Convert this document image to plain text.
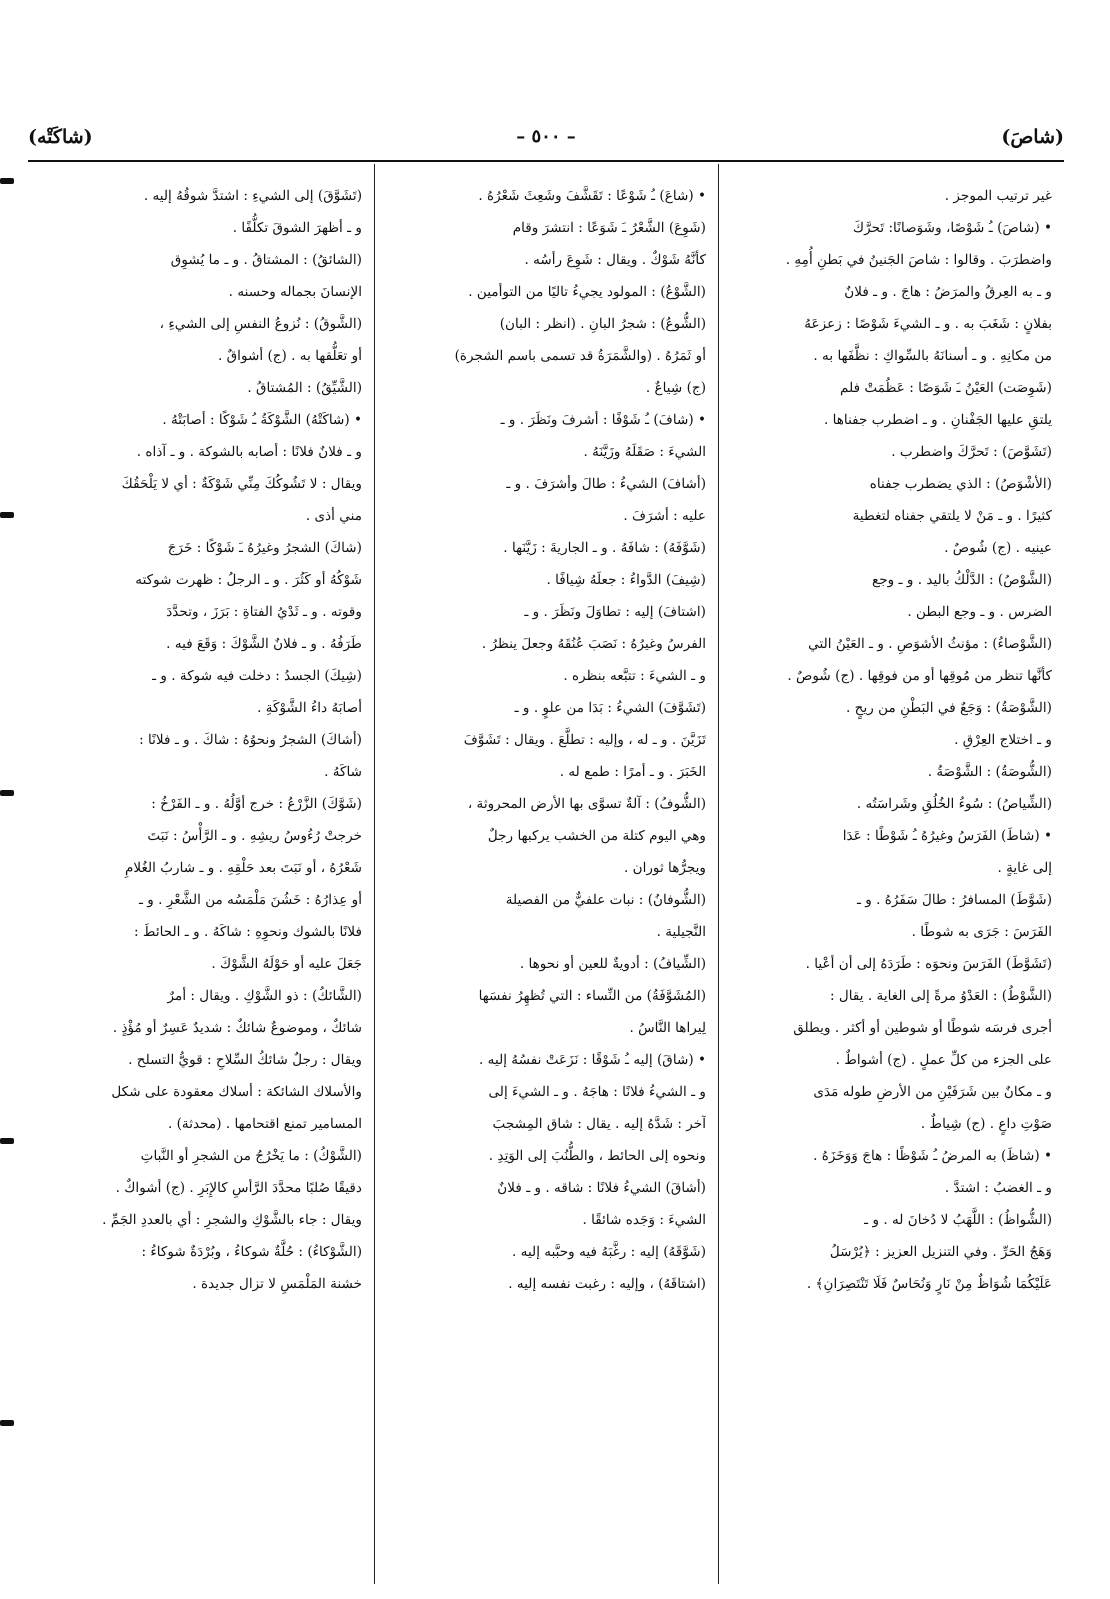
(شاصَ)
– ٥٠٠ –
(شاكَتْه)
غير ترتيب الموجز .
• (شاصَ) ـُ شَوْصًا، وشَوَصانًا: تَحرَّكَ
واضطرَبَ . وقالوا : شاصَ الجَنينُ في بَطنِ أُمِهِ .
و ـ به العِرقُ والمرَضُ : هاجَ . و ـ فلانٌ
بفلانٍ : شَغَبَ به . و ـ الشيءَ شَوْصًا : زعزعَهُ
من مكانِهِ . و ـ أسنانَهُ بالسِّواكِ : نظَّفَها به .
(شَوِصَت) العَيْنُ ـَ شَوَصًا : عَظُمَتْ فلم
يلتقِ عليها الجَفْنانِ . و ـ اضطرب جفناها .
(تَشَوَّصَ) : تَحرَّكَ واضطرب .
(الأشْوَصُ) : الذي يضطرب جفناه
كثيرًا . و ـ مَنْ لا يلتقي جفناه لتغطية
عينيه . (ج) شُوصٌ .
(الشَّوْصُ) : الدَّلْكُ باليد . و ـ وجع
الضرس . و ـ وجع البطن .
(الشَّوْصاءُ) : مؤنثُ الأشوَصِ . و ـ العَيْنُ التي
كأنَّها تنظر من مُوقِها أو من فوقِها . (ج) شُوصٌ .
(الشَّوْصَةُ) : وَجَعٌ في البَطْنِ من ريحٍ .
و ـ اختلاج العِرْقِ .
(الشُّوصَةُ) : الشَّوْصَةُ .
(الشِّياصُ) : سُوءُ الخُلُقِ وشَراسَتُه .
• (شاطَ) الفَرَسُ وغيرُهُ ـُ شَوْطًا : عَدَا
إلى غايةٍ .
(شَوَّطَ) المسافرُ : طالَ سَفَرُهُ . و ـ
الفَرَسَ : جَرَى به شوطًا .
(تَشَوَّطَ) الفَرَسَ ونحوَه : طَرَدَهُ إلى أن أعْيا .
(الشَّوْطُ) : العَدْوُ مرةً إلى الغاية . يقال :
أجرى فرسَه شوطًا أو شوطين أو أكثر . ويطلق
على الجزء من كلِّ عملٍ . (ج) أشواطٌ .
و ـ مكانٌ بين شَرَفَيْنِ من الأرضِ طوله مَدَى
صَوْتِ داعٍ . (ج) شِياطٌ .
• (شاظَ) به المرضُ ـُ شَوْظًا : هاجَ وَوَخَزَهُ .
و ـ الغضبُ : اشتدَّ .
(الشُّواظُ) : اللَّهَبُ لا دُخانَ له . و ـ
وَهَجُ الحَرِّ . وفي التنزيل العزيز : ﴿يُرْسَلُ
عَلَيْكُمَا شُوَاظٌ مِنْ نَارٍ وَنُحَاسٌ فَلَا تَنْتَصِرَانِ﴾ .
• (شاعَ) ـُ شَوْعًا : تَقَشَّفَ وشَعِثَ شَعْرُهُ .
(شَوِعَ) الشَّعْرُ ـَ شَوَعًا : انتشرَ وقام
كأنَّهُ شَوْكٌ . ويقال : شَوِعَ رأسُه .
(الشَّوْعُ) : المولود يجيءُ تاليًا من التوأمين .
(الشُّوعُ) : شجرُ البانِ . (انظر : البان)
أو ثَمَرُهُ . (والشَّمَرَةُ قد تسمى باسم الشجرة)
(ج) شِياعٌ .
• (شافَ) ـُ شَوْفًا : أشرفَ ونَظَرَ . و ـ
الشيءَ : صَقَلَهُ وزَيَّنَهُ .
(أشافَ) الشيءُ : طالَ وأشرَفَ . و ـ
عليه : أشرَفَ .
(شَوَّفَهُ) : شافَهُ . و ـ الجاريةَ : زَيَّنَها .
(شِيفَ) الدَّواءُ : جعلَهُ شِيافًا .
(اشتافَ) إليه : تطاوَلَ ونَظَرَ . و ـ
الفرسُ وغيرُهُ : نَصَبَ عُنُقَهُ وجعلَ ينظرُ .
و ـ الشيءَ : تتبَّعه بنظره .
(تَشَوَّفَ) الشيءُ : بَدَا من علوٍ . و ـ
تَزَيَّنَ . و ـ له ، وإليه : تطلَّعَ . ويقال : تَشَوَّفَ
الخَبَرَ . و ـ أمرًا : طمع له .
(الشُّوفُ) : آلةٌ تسوَّى بها الأرض المحروثة ،
وهي اليوم كتلة من الخشب يركبها رجلٌ
ويجرُّها ثوران .
(الشُّوفانُ) : نبات علفيٌّ من الفصيلة
النَّجيلية .
(الشِّيافُ) : أدويةٌ للعين أو نحوها .
(المُشَوَّفَةُ) من النِّساء : التي تُظهِرُ نفسَها
لِيراها النَّاسُ .
• (شاقَ) إليه ـُ شَوْقًا : نَزَعَتْ نفسُهُ إليه .
و ـ الشيءُ فلانًا : هاجَهُ . و ـ الشيءَ إلى
آخر : شَدَّهُ إليه . يقال : شاق المِشجبَ
ونحوه إلى الحائط ، والطُّنُبَ إلى الوَتِدِ .
(أشاقَ) الشيءُ فلانًا : شاقه . و ـ فلانٌ
الشيءَ : وَجَده شائقًا .
(شَوَّقَهُ) إليه : رغَّبَهُ فيه وحبَّبه إليه .
(اشتاقَهُ) ، وإليه : رغبت نفسه إليه .
(تَشَوَّقَ) إلى الشيءِ : اشتدَّ شوقُهُ إليه .
و ـ أظهرَ الشوقَ تكلُّفًا .
(الشائقُ) : المشتاقُ . و ـ ما يُشوِق
الإنسانَ بجماله وحسنه .
(الشَّوقُ) : نُزوعُ النفسِ إلى الشيءِ ،
أو تعَلُّقها به . (ج) أشواقٌ .
(الشَّيِّقُ) : المُشتاقُ .
• (شاكَتْهُ) الشَّوْكَةُ ـُ شَوْكًا : أصابَتْهُ .
و ـ فلانٌ فلانًا : أصابه بالشوكة . و ـ آذاه .
ويقال : لا تَشُوكُكَ مِنِّي شَوْكَةٌ : أي لا يَلْحَقُكَ
مني أذى .
(شاكَ) الشجرُ وغيرُهُ ـَ شَوْكًا : خَرَجَ
شَوْكُهُ أو كَثُرَ . و ـ الرجلُ : ظهرت شوكته
وقوته . و ـ ثَدْيُ الفتاةِ : بَرَزَ ، وتحدَّدَ
طَرَفُهُ . و ـ فلانٌ الشَّوْكَ : وَقَعَ فيه .
(شِيكَ) الجسدُ : دخلت فيه شوكة . و ـ
أصابَهُ داءُ الشَّوْكَةِ .
(أشاكَ) الشجرُ ونحوُهُ : شاكَ . و ـ فلانًا :
شاكَهُ .
(شَوَّكَ) الزَّرْعُ : خرج أوَّلُهُ . و ـ الفَرْخُ :
خرجتْ رُءُوسُ ريشِهِ . و ـ الرَّأْسُ : نَبَتَ
شَعْرُهُ ، أو نَبَتَ بعد حَلْقِهِ . و ـ شاربُ الغُلامِ
أو عِذارُهُ : خَشُنَ مَلْمَسُه من الشَّعْرِ . و ـ
فلانًا بالشوك ونحوِهِ : شاكَهُ . و ـ الحائطَ :
جَعَلَ عليه أو حَوْلَهُ الشَّوْكَ .
(الشَّائكُ) : ذو الشَّوْكِ . ويقال : أمرٌ
شائكٌ ، وموضوعٌ شائكٌ : شديدٌ عَسِرٌ أو مُؤْذٍ .
ويقال : رجلٌ شائكُ السِّلاحِ : قويُّ التسلح .
والأسلاك الشائكة : أسلاك معقودة على شكل
المسامير تمنع اقتحامها . (محدثة) .
(الشَّوْكُ) : ما يَخْرُجُ من الشجرِ أو النَّباتِ
دقيقًا صُلبًا محدَّدَ الرَّأسِ كالإِبَرِ . (ج) أشواكٌ .
ويقال : جاء بالشَّوْكِ والشجرِ : أي بالعددِ الجَمِّ .
(الشَّوْكاءُ) : حُلَّةٌ شوكاءُ ، وبُرْدَةٌ شوكاءُ :
خشنة المَلْمَسِ لا تزال جديدة .
